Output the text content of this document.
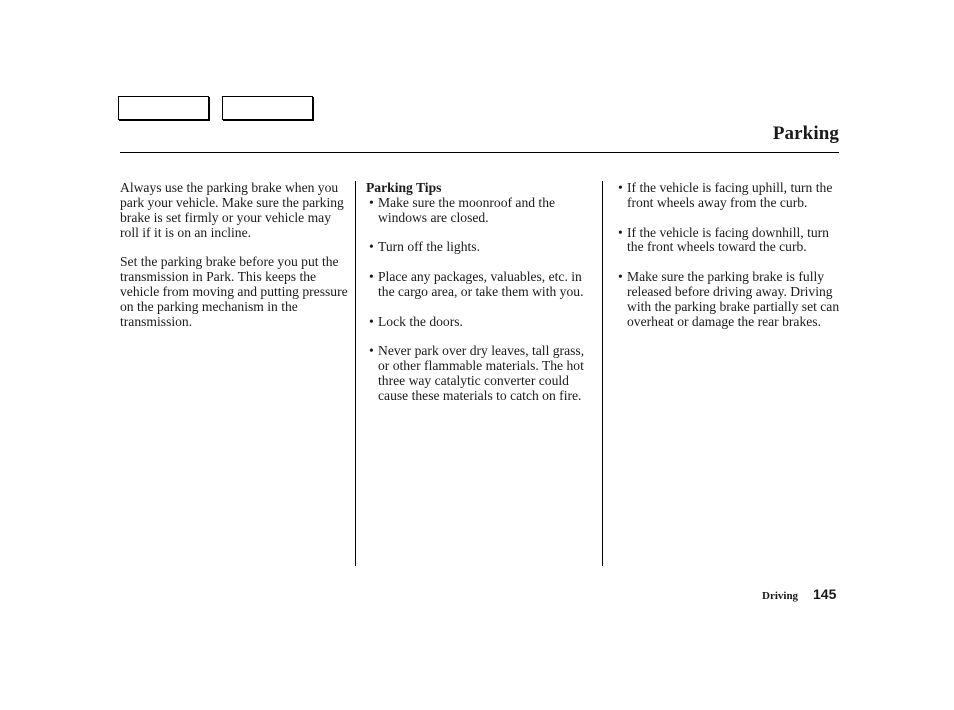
Parking

Always use the parking brake when you park your vehicle. Make sure the parking brake is set firmly or your vehicle may roll if it is on an incline.

Set the parking brake before you put the transmission in Park. This keeps the vehicle from moving and putting pressure on the parking mechanism in the transmission.

Parking Tips

• Make sure the moonroof and the windows are closed.
• Turn off the lights.
• Place any packages, valuables, etc. in the cargo area, or take them with you.
• Lock the doors.
• Never park over dry leaves, tall grass, or other flammable materials. The hot three way catalytic converter could cause these materials to catch on fire.
• If the vehicle is facing uphill, turn the front wheels away from the curb.
• If the vehicle is facing downhill, turn the front wheels toward the curb.
• Make sure the parking brake is fully released before driving away. Driving with the parking brake partially set can overheat or damage the rear brakes.
Driving 145
